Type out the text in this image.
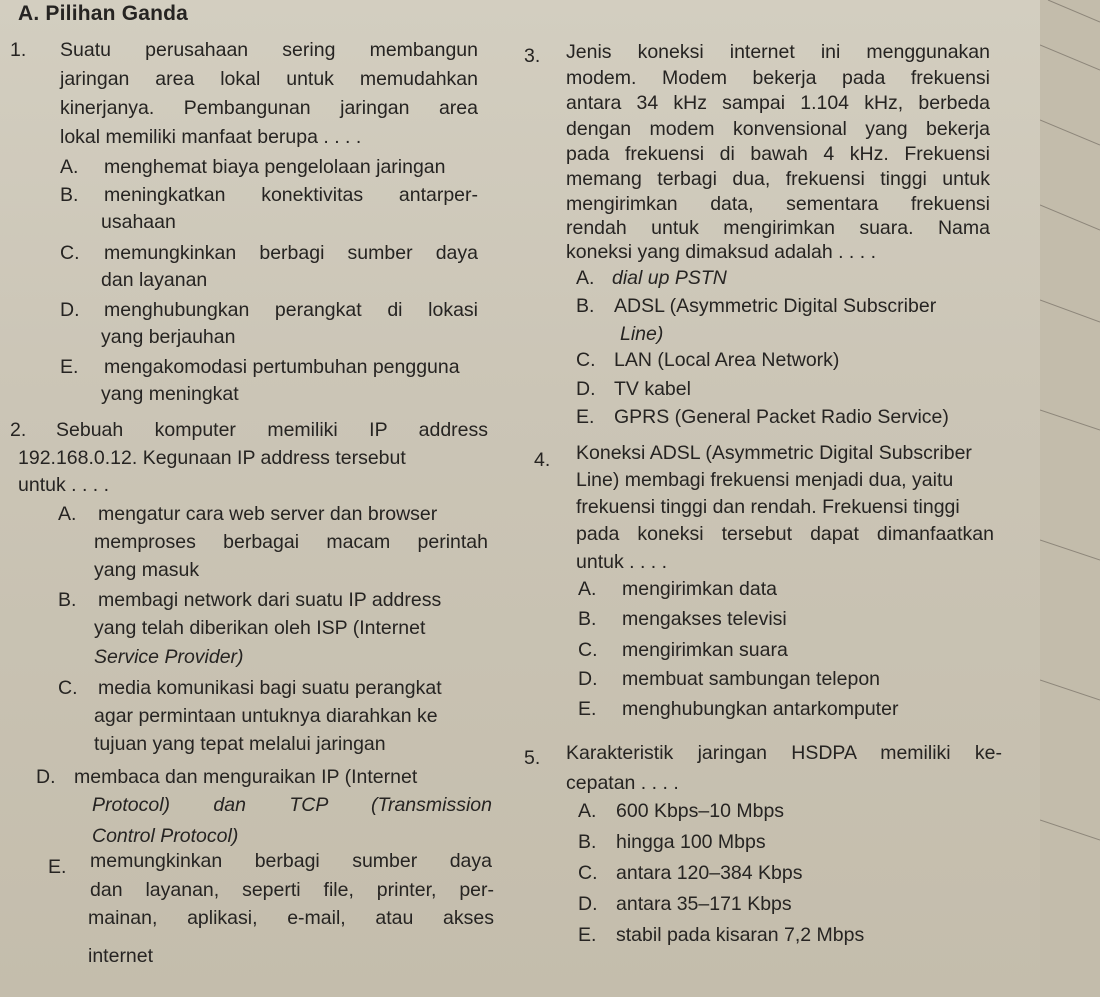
A. Pilihan Ganda
1. Suatu perusahaan sering membangun
jaringan area lokal untuk memudahkan
kinerjanya. Pembangunan jaringan area
lokal memiliki manfaat berupa . . . .
A. menghemat biaya pengelolaan jaringan
B. meningkatkan konektivitas antarper-
usahaan
C. memungkinkan berbagi sumber daya
dan layanan
D. menghubungkan perangkat di lokasi
yang berjauhan
E. mengakomodasi pertumbuhan pengguna
yang meningkat
2. Sebuah komputer memiliki IP address
192.168.0.12. Kegunaan IP address tersebut
untuk . . . .
A. mengatur cara web server dan browser
memproses berbagai macam perintah
yang masuk
B. membagi network dari suatu IP address
yang telah diberikan oleh ISP (Internet
Service Provider)
C. media komunikasi bagi suatu perangkat
agar permintaan untuknya diarahkan ke
tujuan yang tepat melalui jaringan
D. membaca dan menguraikan IP (Internet
Protocol) dan TCP (Transmission
Control Protocol)
E. memungkinkan berbagi sumber daya
dan layanan, seperti file, printer, per-
mainan, aplikasi, e-mail, atau akses
internet
3. Jenis koneksi internet ini menggunakan
modem. Modem bekerja pada frekuensi
antara 34 kHz sampai 1.104 kHz, berbeda
dengan modem konvensional yang bekerja
pada frekuensi di bawah 4 kHz. Frekuensi
memang terbagi dua, frekuensi tinggi untuk
mengirimkan data, sementara frekuensi
rendah untuk mengirimkan suara. Nama
koneksi yang dimaksud adalah . . . .
A. dial up PSTN
B. ADSL (Asymmetric Digital Subscriber
Line)
C. LAN (Local Area Network)
D. TV kabel
E. GPRS (General Packet Radio Service)
4. Koneksi ADSL (Asymmetric Digital Subscriber
Line) membagi frekuensi menjadi dua, yaitu
frekuensi tinggi dan rendah. Frekuensi tinggi
pada koneksi tersebut dapat dimanfaatkan
untuk . . . .
A. mengirimkan data
B. mengakses televisi
C. mengirimkan suara
D. membuat sambungan telepon
E. menghubungkan antarkomputer
5. Karakteristik jaringan HSDPA memiliki ke-
cepatan . . . .
A. 600 Kbps–10 Mbps
B. hingga 100 Mbps
C. antara 120–384 Kbps
D. antara 35–171 Kbps
E. stabil pada kisaran 7,2 Mbps
